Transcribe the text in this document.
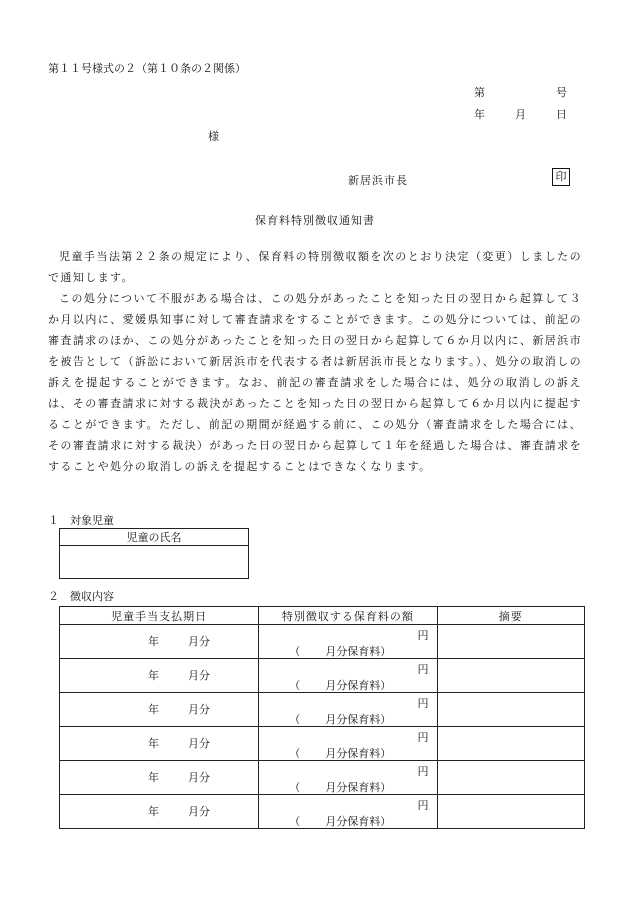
第１１号様式の２（第１０条の２関係）
第	号
年	月	日
様
新居浜市長	印
保育料特別徴収通知書

児童手当法第２２条の規定により、保育料の特別徴収額を次のとおり決定（変更）しましたので通知します。

この処分について不服がある場合は、この処分があったことを知った日の翌日から起算して３か月以内に、愛媛県知事に対して審査請求をすることができます。この処分については、前記の審査請求のほか、この処分があったことを知った日の翌日から起算して６か月以内に、新居浜市を被告として（訴訟において新居浜市を代表する者は新居浜市長となります。）、処分の取消しの訴えを提起することができます。なお、前記の審査請求をした場合には、処分の取消しの訴えは、その審査請求に対する裁決があったことを知った日の翌日から起算して６か月以内に提起することができます。ただし、前記の期間が経過する前に、この処分（審査請求をした場合には、その審査請求に対する裁決）があった日の翌日から起算して１年を経過した場合は、審査請求をすることや処分の取消しの訴えを提起することはできなくなります。

１　対象児童
児童の氏名

２　徴収内容
児童手当支払期日	特別徴収する保育料の額	摘要

年 月分	円
（ 月分保育料）	

年 月分	円
（ 月分保育料）	

年 月分	円
（ 月分保育料）	

年 月分	円
（ 月分保育料）	

年 月分	円
（ 月分保育料）	

年 月分	円
（ 月分保育料）	
